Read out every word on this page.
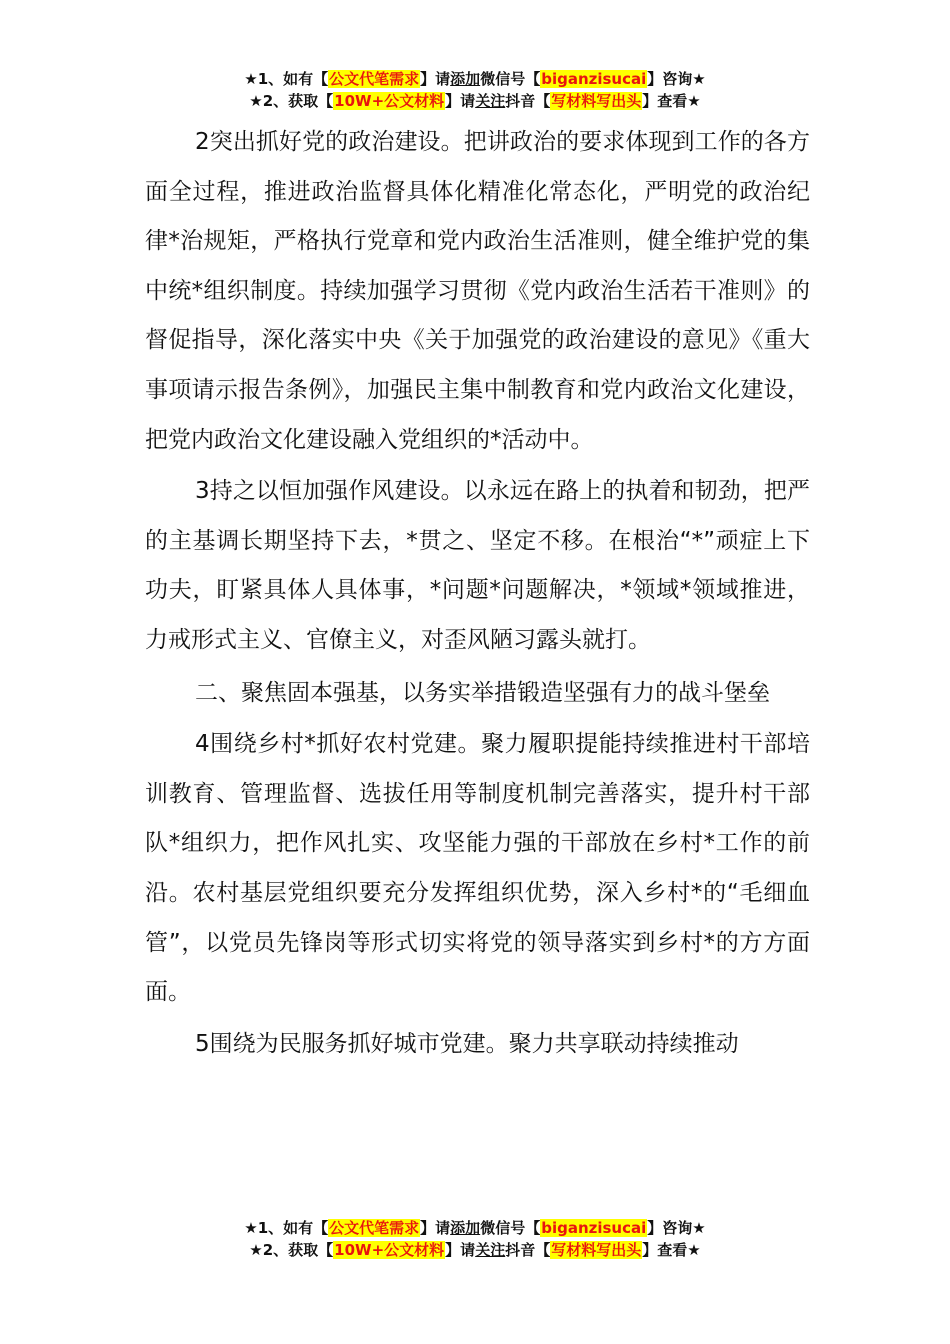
★1、如有【公文代笔需求】请添加微信号【biganzisucai】咨询★
★2、获取【10W+公文材料】请关注抖音【写材料写出头】查看★

2突出抓好党的政治建设。把讲政治的要求体现到工作的各方面全过程，推进政治监督具体化精准化常态化，严明党的政治纪律*治规矩，严格执行党章和党内政治生活准则，健全维护党的集中统*组织制度。持续加强学习贯彻《党内政治生活若干准则》的督促指导，深化落实中央《关于加强党的政治建设的意见》《重大事项请示报告条例》，加强民主集中制教育和党内政治文化建设，把党内政治文化建设融入党组织的*活动中。

3持之以恒加强作风建设。以永远在路上的执着和韧劲，把严的主基调长期坚持下去，*贯之、坚定不移。在根治“*”顽症上下功夫，盯紧具体人具体事，*问题*问题解决，*领域*领域推进，力戒形式主义、官僚主义，对歪风陋习露头就打。

二、聚焦固本强基，以务实举措锻造坚强有力的战斗堡垒

4围绕乡村*抓好农村党建。聚力履职提能持续推进村干部培训教育、管理监督、选拔任用等制度机制完善落实，提升村干部队*组织力，把作风扎实、攻坚能力强的干部放在乡村*工作的前沿。农村基层党组织要充分发挥组织优势，深入乡村*的“毛细血管”，以党员先锋岗等形式切实将党的领导落实到乡村*的方方面面。

5围绕为民服务抓好城市党建。聚力共享联动持续推动

★1、如有【公文代笔需求】请添加微信号【biganzisucai】咨询★
★2、获取【10W+公文材料】请关注抖音【写材料写出头】查看★
